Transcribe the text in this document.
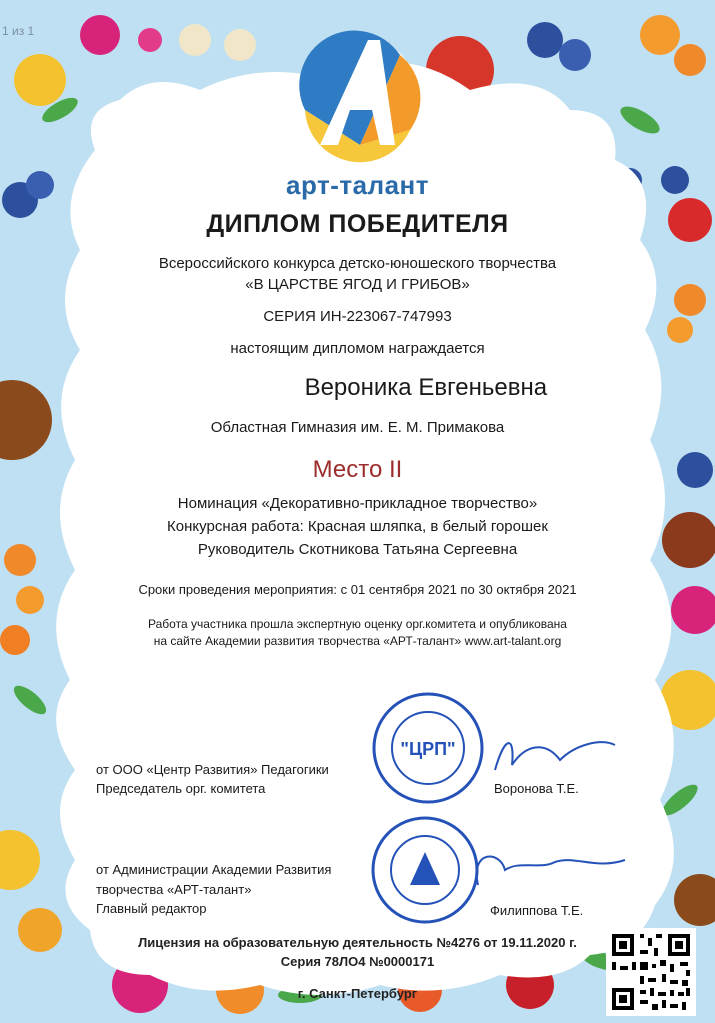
"ЦРП"
1 из 1
арт-талант
ДИПЛОМ ПОБЕДИТЕЛЯ
Всероссийского конкурса детско-юношеского творчества
«В ЦАРСТВЕ ЯГОД И ГРИБОВ»
СЕРИЯ ИН-223067-747993
настоящим дипломом награждается
Вероника Евгеньевна
Областная Гимназия им. Е. М. Примакова
Место II
Номинация «Декоративно-прикладное творчество»
Конкурсная работа: Красная шляпка, в белый горошек
Руководитель Скотникова Татьяна Сергеевна
Сроки проведения мероприятия: с 01 сентября 2021 по 30 октября 2021
Работа участника прошла экспертную оценку орг.комитета и опубликована
на сайте Академии развития творчества «АРТ-талант» www.art-talant.org
от ООО «Центр Развития» Педагогики
Председатель орг. комитета	Воронова Т.Е.
от Администрации Академии Развития
творчества «АРТ-талант»
Главный редактор	Филиппова Т.Е.
Лицензия на образовательную деятельность №4276 от 19.11.2020 г.
Серия 78ЛО4 №0000171
г. Санкт-Петербург
